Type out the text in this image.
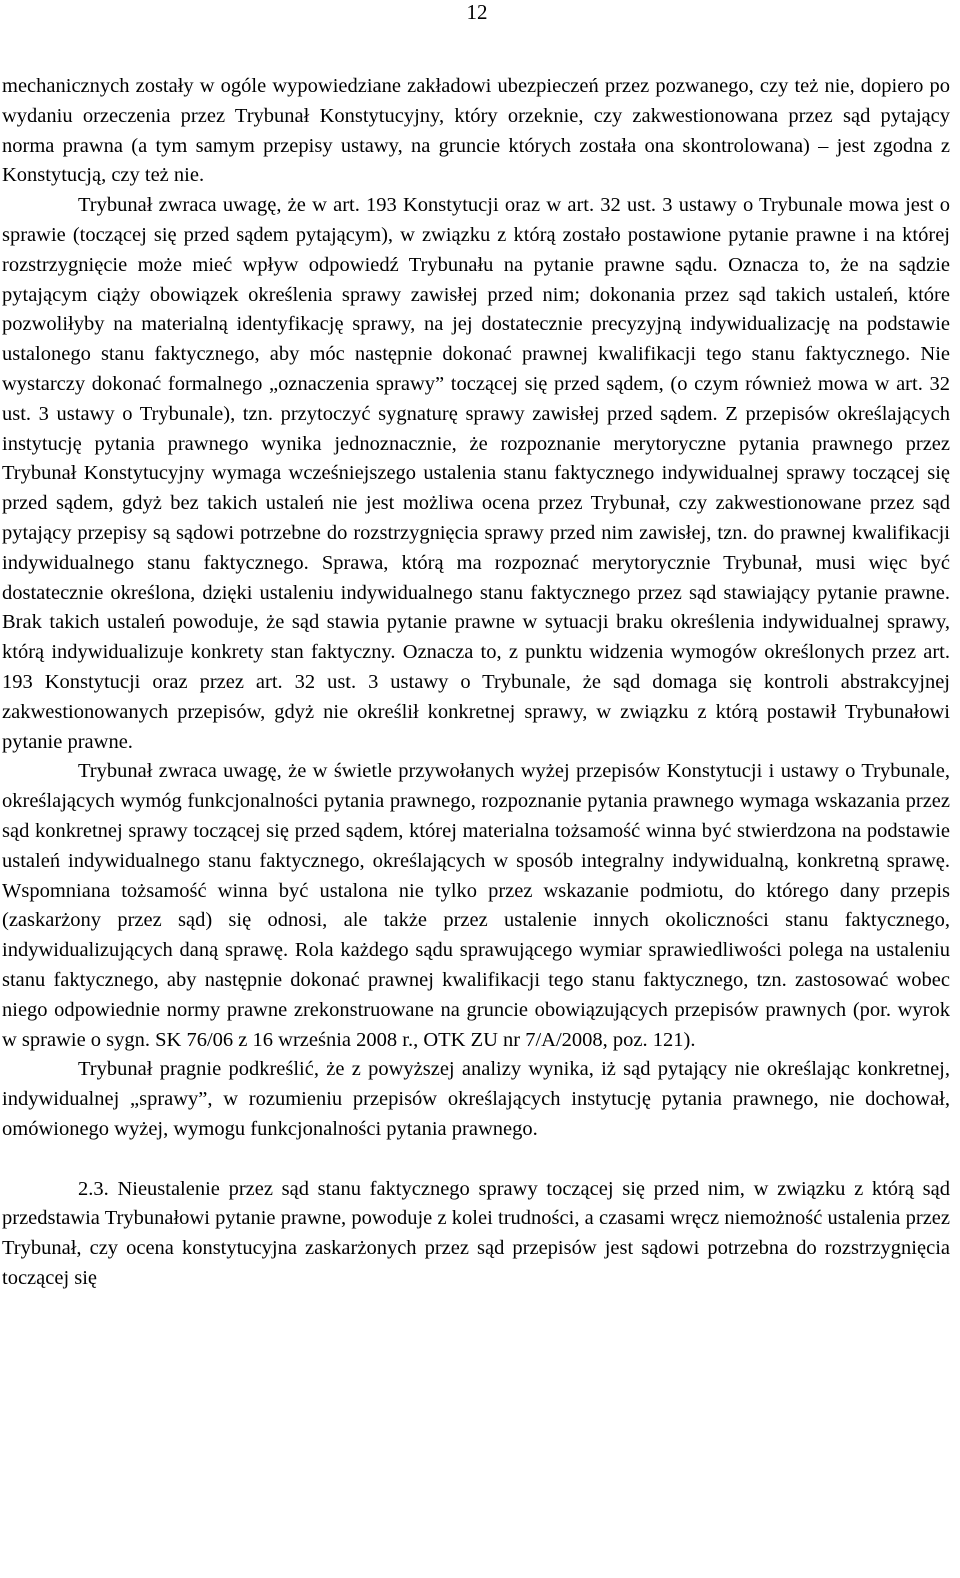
12

mechanicznych zostały w ogóle wypowiedziane zakładowi ubezpieczeń przez pozwanego, czy też nie, dopiero po wydaniu orzeczenia przez Trybunał Konstytucyjny, który orzeknie, czy zakwestionowana przez sąd pytający norma prawna (a tym samym przepisy ustawy, na gruncie których została ona skontrolowana) – jest zgodna z Konstytucją, czy też nie.

Trybunał zwraca uwagę, że w art. 193 Konstytucji oraz w art. 32 ust. 3 ustawy o Trybunale mowa jest o sprawie (toczącej się przed sądem pytającym), w związku z którą zostało postawione pytanie prawne i na której rozstrzygnięcie może mieć wpływ odpowiedź Trybunału na pytanie prawne sądu. Oznacza to, że na sądzie pytającym ciąży obowiązek określenia sprawy zawisłej przed nim; dokonania przez sąd takich ustaleń, które pozwoliłyby na materialną identyfikację sprawy, na jej dostatecznie precyzyjną indywidualizację na podstawie ustalonego stanu faktycznego, aby móc następnie dokonać prawnej kwalifikacji tego stanu faktycznego. Nie wystarczy dokonać formalnego „oznaczenia sprawy” toczącej się przed sądem, (o czym również mowa w art. 32 ust. 3 ustawy o Trybunale), tzn. przytoczyć sygnaturę sprawy zawisłej przed sądem. Z przepisów określających instytucję pytania prawnego wynika jednoznacznie, że rozpoznanie merytoryczne pytania prawnego przez Trybunał Konstytucyjny wymaga wcześniejszego ustalenia stanu faktycznego indywidualnej sprawy toczącej się przed sądem, gdyż bez takich ustaleń nie jest możliwa ocena przez Trybunał, czy zakwestionowane przez sąd pytający przepisy są sądowi potrzebne do rozstrzygnięcia sprawy przed nim zawisłej, tzn. do prawnej kwalifikacji indywidualnego stanu faktycznego. Sprawa, którą ma rozpoznać merytorycznie Trybunał, musi więc być dostatecznie określona, dzięki ustaleniu indywidualnego stanu faktycznego przez sąd stawiający pytanie prawne. Brak takich ustaleń powoduje, że sąd stawia pytanie prawne w sytuacji braku określenia indywidualnej sprawy, którą indywidualizuje konkrety stan faktyczny. Oznacza to, z punktu widzenia wymogów określonych przez art. 193 Konstytucji oraz przez art. 32 ust. 3 ustawy o Trybunale, że sąd domaga się kontroli abstrakcyjnej zakwestionowanych przepisów, gdyż nie określił konkretnej sprawy, w związku z którą postawił Trybunałowi pytanie prawne.

Trybunał zwraca uwagę, że w świetle przywołanych wyżej przepisów Konstytucji i ustawy o Trybunale, określających wymóg funkcjonalności pytania prawnego, rozpoznanie pytania prawnego wymaga wskazania przez sąd konkretnej sprawy toczącej się przed sądem, której materialna tożsamość winna być stwierdzona na podstawie ustaleń indywidualnego stanu faktycznego, określających w sposób integralny indywidualną, konkretną sprawę. Wspomniana tożsamość winna być ustalona nie tylko przez wskazanie podmiotu, do którego dany przepis (zaskarżony przez sąd) się odnosi, ale także przez ustalenie innych okoliczności stanu faktycznego, indywidualizujących daną sprawę. Rola każdego sądu sprawującego wymiar sprawiedliwości polega na ustaleniu stanu faktycznego, aby następnie dokonać prawnej kwalifikacji tego stanu faktycznego, tzn. zastosować wobec niego odpowiednie normy prawne zrekonstruowane na gruncie obowiązujących przepisów prawnych (por. wyrok w sprawie o sygn. SK 76/06 z 16 września 2008 r., OTK ZU nr 7/A/2008, poz. 121).

Trybunał pragnie podkreślić, że z powyższej analizy wynika, iż sąd pytający nie określając konkretnej, indywidualnej „sprawy”, w rozumieniu przepisów określających instytucję pytania prawnego, nie dochował, omówionego wyżej, wymogu funkcjonalności pytania prawnego.

2.3. Nieustalenie przez sąd stanu faktycznego sprawy toczącej się przed nim, w związku z którą sąd przedstawia Trybunałowi pytanie prawne, powoduje z kolei trudności, a czasami wręcz niemożność ustalenia przez Trybunał, czy ocena konstytucyjna zaskarżonych przez sąd przepisów jest sądowi potrzebna do rozstrzygnięcia toczącej się
